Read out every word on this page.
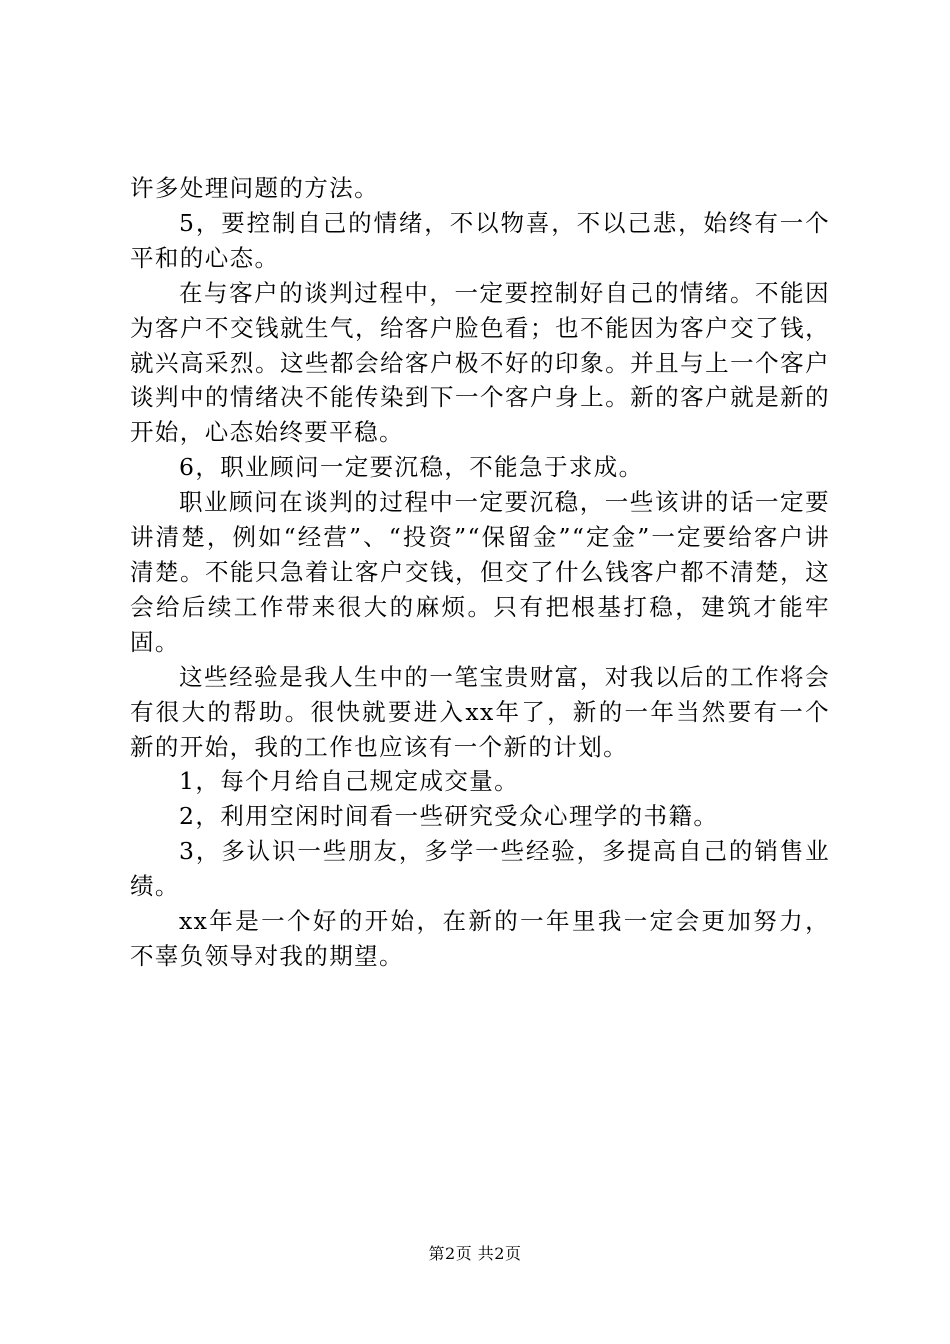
许多处理问题的方法。

5，要控制自己的情绪，不以物喜，不以己悲，始终有一个平和的心态。

在与客户的谈判过程中，一定要控制好自己的情绪。不能因为客户不交钱就生气，给客户脸色看；也不能因为客户交了钱，就兴高采烈。这些都会给客户极不好的印象。并且与上一个客户谈判中的情绪决不能传染到下一个客户身上。新的客户就是新的开始，心态始终要平稳。

6，职业顾问一定要沉稳，不能急于求成。

职业顾问在谈判的过程中一定要沉稳，一些该讲的话一定要讲清楚，例如“经营”、“投资”“保留金”“定金”一定要给客户讲清楚。不能只急着让客户交钱，但交了什么钱客户都不清楚，这会给后续工作带来很大的麻烦。只有把根基打稳，建筑才能牢固。

这些经验是我人生中的一笔宝贵财富，对我以后的工作将会有很大的帮助。很快就要进入xx年了，新的一年当然要有一个新的开始，我的工作也应该有一个新的计划。

1，每个月给自己规定成交量。

2，利用空闲时间看一些研究受众心理学的书籍。

3，多认识一些朋友，多学一些经验，多提高自己的销售业绩。

xx年是一个好的开始，在新的一年里我一定会更加努力，不辜负领导对我的期望。

第2页 共2页
